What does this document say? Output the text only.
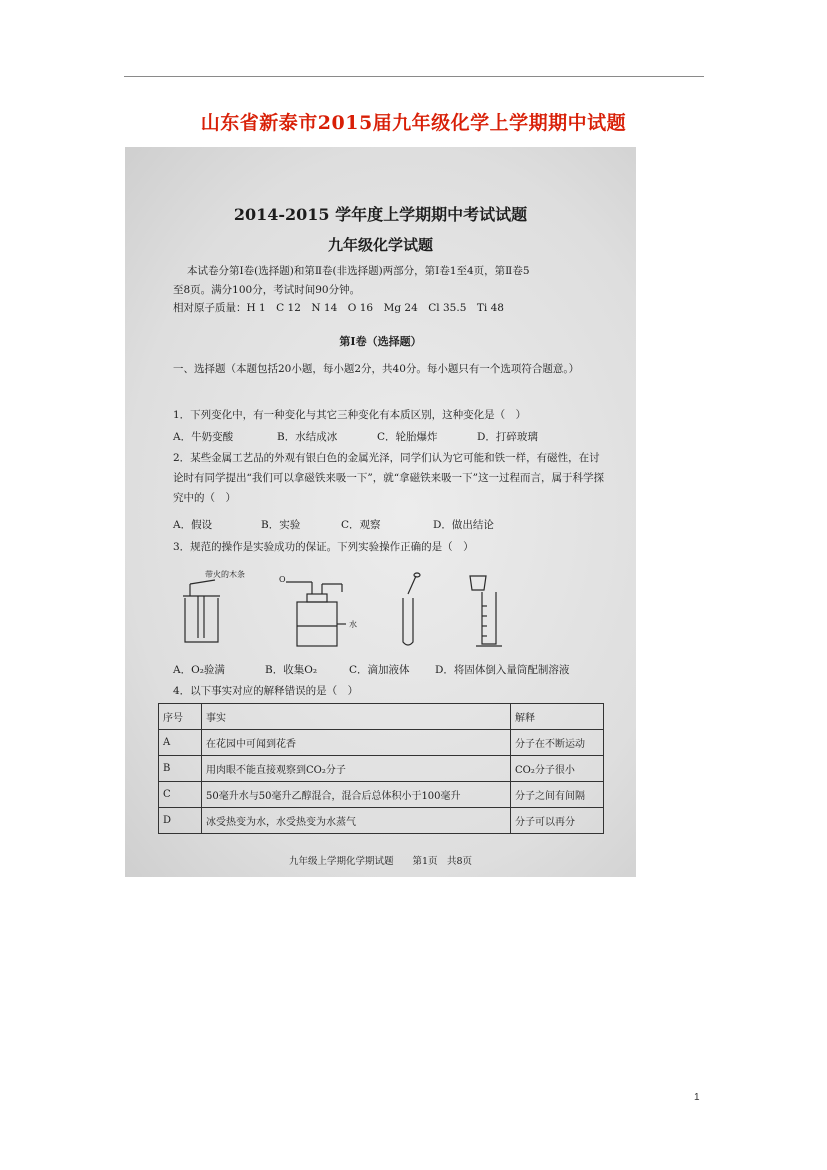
山东省新泰市2015届九年级化学上学期期中试题
2014-2015 学年度上学期期中考试试题
九年级化学试题
本试卷分第Ⅰ卷(选择题)和第Ⅱ卷(非选择题)两部分，第Ⅰ卷1至4页，第Ⅱ卷5
至8页。满分100分，考试时间90分钟。
相对原子质量：H 1　C 12　N 14　O 16　Mg 24　Cl 35.5　Ti 48
第Ⅰ卷（选择题）
一、选择题（本题包括20小题，每小题2分，共40分。每小题只有一个选项符合题意。）
1．下列变化中，有一种变化与其它三种变化有本质区别，这种变化是（　）
A．牛奶变酸	B．水结成冰	C．轮胎爆炸	D．打碎玻璃
2．某些金属工艺品的外观有银白色的金属光泽，同学们认为它可能和铁一样，有磁性，在讨论时有同学提出“我们可以拿磁铁来吸一下”，就“拿磁铁来吸一下”这一过程而言，属于科学探究中的（　）
A．假设	B．实验	C．观察	D．做出结论
3．规范的操作是实验成功的保证。下列实验操作正确的是（　）
带火的木条
O
水
A．O₂验满	B．收集O₂	C．滴加液体 D．将固体倒入量筒配制溶液
4．以下事实对应的解释错误的是（　）
序号	事实	解释
A	在花园中可闻到花香	分子在不断运动
B	用肉眼不能直接观察到CO₂分子	CO₂分子很小
C	50毫升水与50毫升乙醇混合，混合后总体积小于100毫升	分子之间有间隔
D	冰受热变为水，水受热变为水蒸气	分子可以再分
九年级上学期化学期试题　　第1页　共8页
1
